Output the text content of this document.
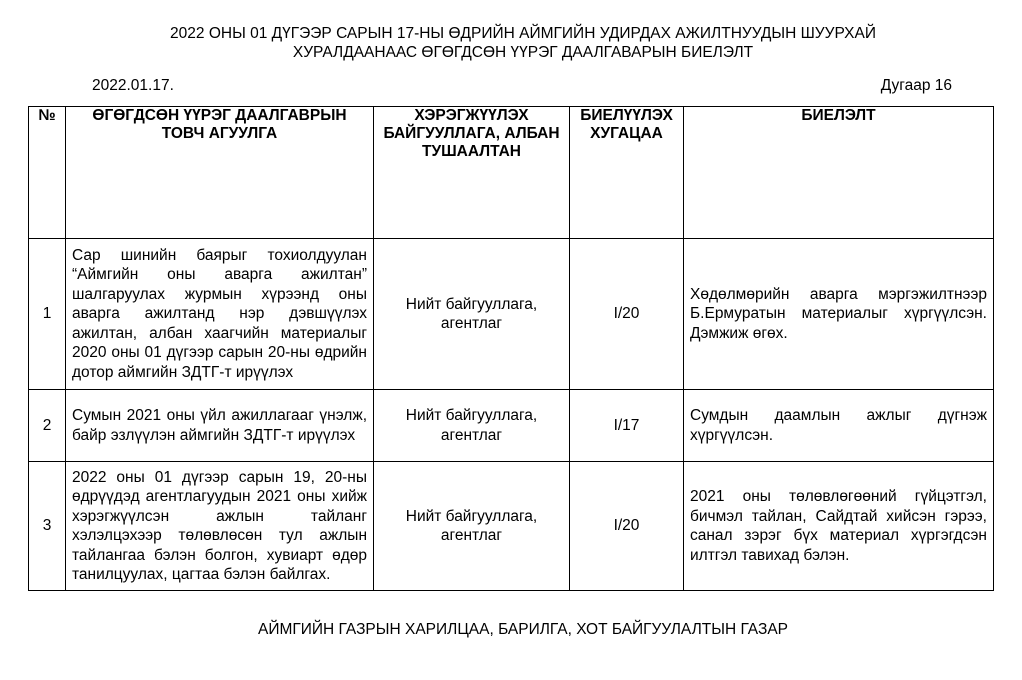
2022 ОНЫ 01 ДҮГЭЭР САРЫН 17-НЫ ӨДРИЙН АЙМГИЙН УДИРДАХ АЖИЛТНУУДЫН ШУУРХАЙ
ХУРАЛДААНААС ӨГӨГДСӨН ҮҮРЭГ ДААЛГАВАРЫН БИЕЛЭЛТ
2022.01.17.	Дугаар 16
№	ӨГӨГДСӨН ҮҮРЭГ ДААЛГАВРЫН ТОВЧ АГУУЛГА	ХЭРЭГЖҮҮЛЭХ БАЙГУУЛЛАГА, АЛБАН ТУШААЛТАН	БИЕЛҮҮЛЭХ ХУГАЦАА	БИЕЛЭЛТ
1	Сар шинийн баярыг тохиолдуулан “Аймгийн оны аварга ажилтан” шалгаруулах журмын хүрээнд оны аварга ажилтанд нэр дэвшүүлэх ажилтан, албан хаагчийн материалыг 2020 оны 01 дүгээр сарын 20-ны өдрийн дотор аймгийн ЗДТГ-т ирүүлэх	Нийт байгууллага, агентлаг	I/20	Хөдөлмөрийн аварга мэргэжилтнээр Б.Ермуратын материалыг хүргүүлсэн. Дэмжиж өгөх.
2	Сумын 2021 оны үйл ажиллагааг үнэлж, байр эзлүүлэн аймгийн ЗДТГ-т ирүүлэх	Нийт байгууллага, агентлаг	I/17	Сумдын даамлын ажлыг дүгнэж хүргүүлсэн.
3	2022 оны 01 дүгээр сарын 19, 20-ны өдрүүдэд агентлагуудын 2021 оны хийж хэрэгжүүлсэн ажлын тайланг хэлэлцэхээр төлөвлөсөн тул ажлын тайлангаа бэлэн болгон, хувиарт өдөр танилцуулах, цагтаа бэлэн байлгах.	Нийт байгууллага, агентлаг	I/20	2021 оны төлөвлөгөөний гүйцэтгэл, бичмэл тайлан, Сайдтай хийсэн гэрээ, санал зэрэг бүх материал хүргэгдсэн илтгэл тавихад бэлэн.
АЙМГИЙН ГАЗРЫН ХАРИЛЦАА, БАРИЛГА, ХОТ БАЙГУУЛАЛТЫН ГАЗАР
